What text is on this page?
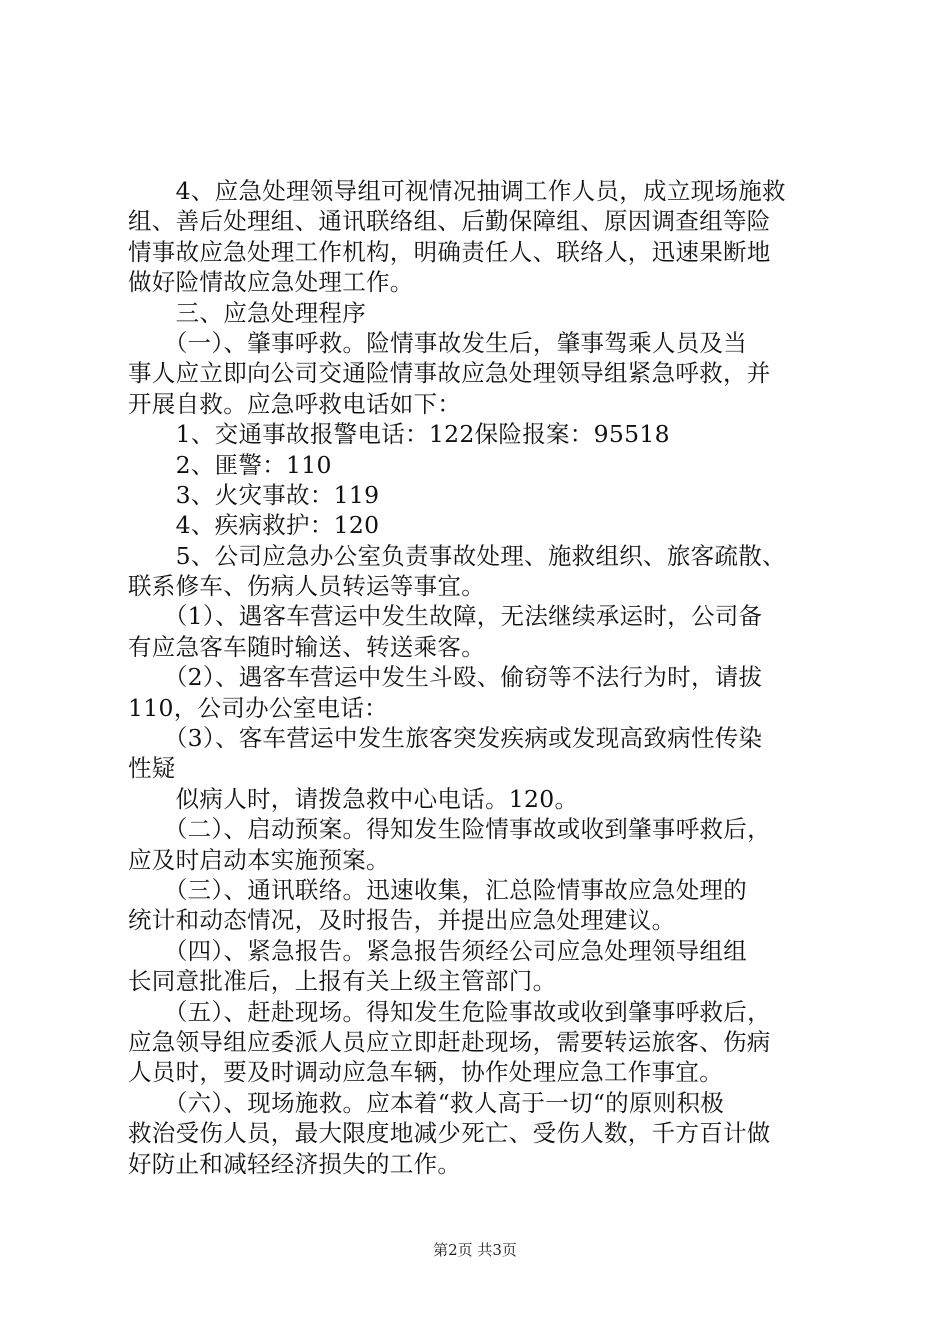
　　4、应急处理领导组可视情况抽调工作人员，成立现场施救
组、善后处理组、通讯联络组、后勤保障组、原因调查组等险
情事故应急处理工作机构，明确责任人、联络人，迅速果断地
做好险情故应急处理工作。
　　三、应急处理程序
　　（一）、肇事呼救。险情事故发生后，肇事驾乘人员及当
事人应立即向公司交通险情事故应急处理领导组紧急呼救，并
开展自救。应急呼救电话如下：
　　1、交通事故报警电话：122保险报案：95518
　　2、匪警：110
　　3、火灾事故：119
　　4、疾病救护：120
　　5、公司应急办公室负责事故处理、施救组织、旅客疏散、
联系修车、伤病人员转运等事宜。
　　（1）、遇客车营运中发生故障，无法继续承运时，公司备
有应急客车随时输送、转送乘客。
　　（2）、遇客车营运中发生斗殴、偷窃等不法行为时，请拔
110，公司办公室电话：
　　（3）、客车营运中发生旅客突发疾病或发现高致病性传染
性疑
　　似病人时，请拨急救中心电话。120。
　　（二）、启动预案。得知发生险情事故或收到肇事呼救后，
应及时启动本实施预案。
　　（三）、通讯联络。迅速收集，汇总险情事故应急处理的
统计和动态情况，及时报告，并提出应急处理建议。
　　（四）、紧急报告。紧急报告须经公司应急处理领导组组
长同意批准后，上报有关上级主管部门。
　　（五）、赶赴现场。得知发生危险事故或收到肇事呼救后，
应急领导组应委派人员应立即赶赴现场，需要转运旅客、伤病
人员时，要及时调动应急车辆，协作处理应急工作事宜。
　　（六）、现场施救。应本着“救人高于一切“的原则积极
救治受伤人员，最大限度地减少死亡、受伤人数，千方百计做
好防止和减轻经济损失的工作。
第2页 共3页
